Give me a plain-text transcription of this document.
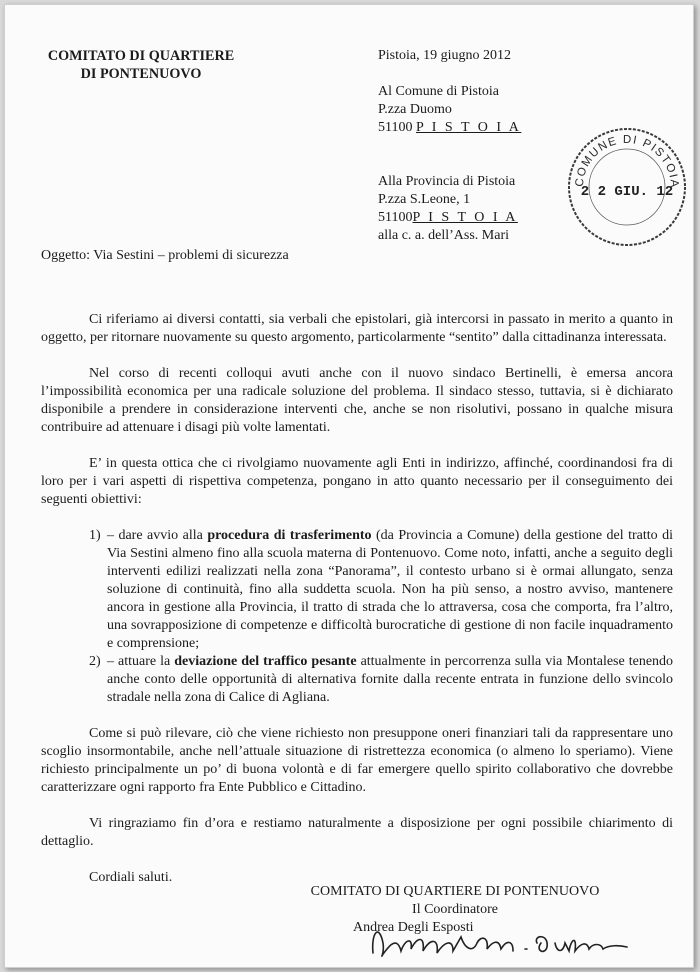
COMITATO DI QUARTIERE
DI PONTENUOVO
Pistoia, 19 giugno 2012
Al Comune di Pistoia
P.zza Duomo
51100 P I S T O I A
Alla Provincia di Pistoia
P.zza S.Leone, 1
51100P I S T O I A
alla c. a. dell’Ass. Mari
COMUNE DI PISTOIA
2 2 GIU. 12
Oggetto: Via Sestini – problemi di sicurezza

Ci riferiamo ai diversi contatti, sia verbali che epistolari, già intercorsi in passato in merito a quanto in oggetto, per ritornare nuovamente su questo argomento, particolarmente “sentito” dalla cittadinanza interessata.

Nel corso di recenti colloqui avuti anche con il nuovo sindaco Bertinelli, è emersa ancora l’impossibilità economica per una radicale soluzione del problema. Il sindaco stesso, tuttavia, si è dichiarato disponibile a prendere in considerazione interventi che, anche se non risolutivi, possano in qualche misura contribuire ad attenuare i disagi più volte lamentati.

E’ in questa ottica che ci rivolgiamo nuovamente agli Enti in indirizzo, affinché, coordinandosi fra di loro per i vari aspetti di rispettiva competenza, pongano in atto quanto necessario per il conseguimento dei seguenti obiettivi:

1) – dare avvio alla procedura di trasferimento (da Provincia a Comune) della gestione del tratto di Via Sestini almeno fino alla scuola materna di Pontenuovo. Come noto, infatti, anche a seguito degli interventi edilizi realizzati nella zona “Panorama”, il contesto urbano si è ormai allungato, senza soluzione di continuità, fino alla suddetta scuola. Non ha più senso, a nostro avviso, mantenere ancora in gestione alla Provincia, il tratto di strada che lo attraversa, cosa che comporta, fra l’altro, una sovrapposizione di competenze e difficoltà burocratiche di gestione di non facile inquadramento e comprensione;
2) – attuare la deviazione del traffico pesante attualmente in percorrenza sulla via Montalese tenendo anche conto delle opportunità di alternativa fornite dalla recente entrata in funzione dello svincolo stradale nella zona di Calice di Agliana.

Come si può rilevare, ciò che viene richiesto non presuppone oneri finanziari tali da rappresentare uno scoglio insormontabile, anche nell’attuale situazione di ristrettezza economica (o almeno lo speriamo). Viene richiesto principalmente un po’ di buona volontà e di far emergere quello spirito collaborativo che dovrebbe caratterizzare ogni rapporto fra Ente Pubblico e Cittadino.

Vi ringraziamo fin d’ora e restiamo naturalmente a disposizione per ogni possibile chiarimento di dettaglio.

Cordiali saluti.

COMITATO DI QUARTIERE DI PONTENUOVO
Il Coordinatore
Andrea Degli Esposti
